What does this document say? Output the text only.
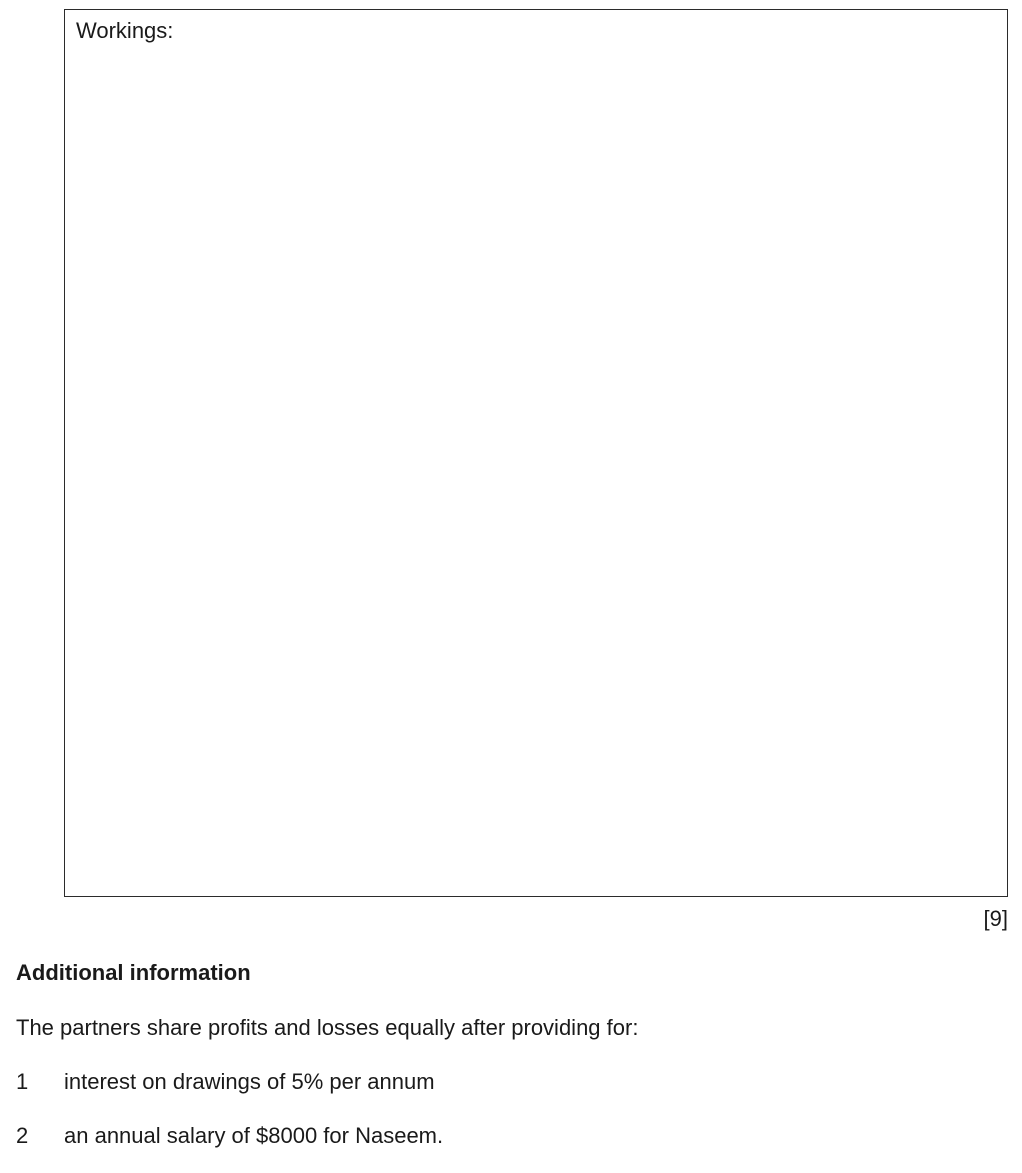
Workings:
[9]
Additional information
The partners share profits and losses equally after providing for:
1 interest on drawings of 5% per annum
2 an annual salary of $8000 for Naseem.
